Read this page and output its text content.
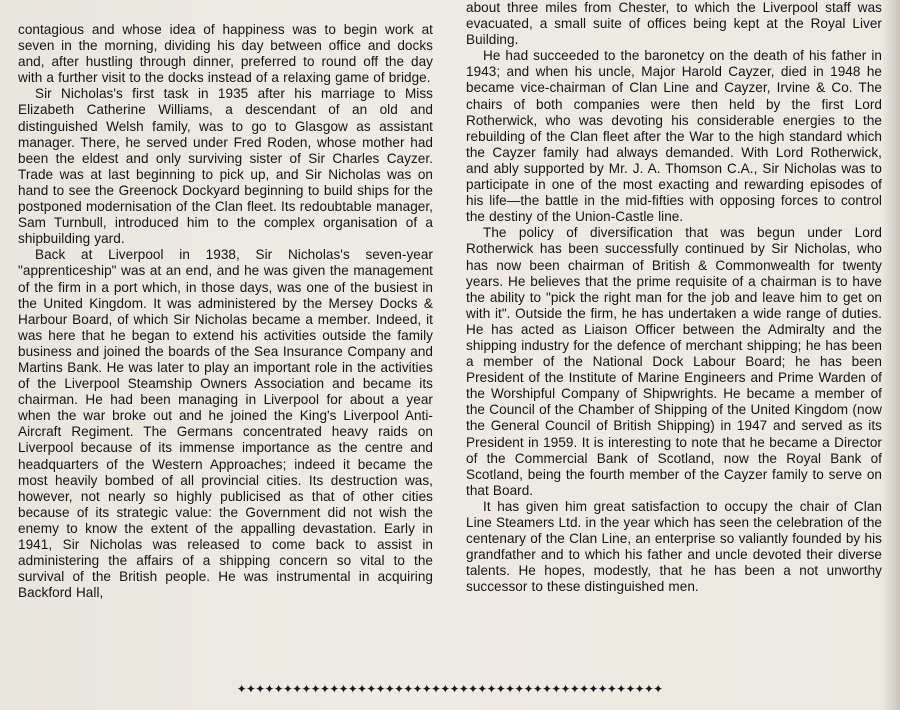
contagious and whose idea of happiness was to begin work at seven in the morning, dividing his day between office and docks and, after hustling through dinner, preferred to round off the day with a further visit to the docks instead of a relaxing game of bridge.

Sir Nicholas's first task in 1935 after his marriage to Miss Elizabeth Catherine Williams, a descendant of an old and distinguished Welsh family, was to go to Glasgow as assistant manager. There, he served under Fred Roden, whose mother had been the eldest and only surviving sister of Sir Charles Cayzer. Trade was at last beginning to pick up, and Sir Nicholas was on hand to see the Greenock Dockyard beginning to build ships for the postponed modernisation of the Clan fleet. Its redoubtable manager, Sam Turnbull, introduced him to the complex organisation of a shipbuilding yard.

Back at Liverpool in 1938, Sir Nicholas's seven-year "apprenticeship" was at an end, and he was given the management of the firm in a port which, in those days, was one of the busiest in the United Kingdom. It was administered by the Mersey Docks & Harbour Board, of which Sir Nicholas became a member. Indeed, it was here that he began to extend his activities outside the family business and joined the boards of the Sea Insurance Company and Martins Bank. He was later to play an important role in the activities of the Liverpool Steamship Owners Association and became its chairman. He had been managing in Liverpool for about a year when the war broke out and he joined the King's Liverpool Anti-Aircraft Regiment. The Germans concentrated heavy raids on Liverpool because of its immense importance as the centre and headquarters of the Western Approaches; indeed it became the most heavily bombed of all provincial cities. Its destruction was, however, not nearly so highly publicised as that of other cities because of its strategic value: the Government did not wish the enemy to know the extent of the appalling devastation. Early in 1941, Sir Nicholas was released to come back to assist in administering the affairs of a shipping concern so vital to the survival of the British people. He was instrumental in acquiring Backford Hall,

about three miles from Chester, to which the Liverpool staff was evacuated, a small suite of offices being kept at the Royal Liver Building.

He had succeeded to the baronetcy on the death of his father in 1943; and when his uncle, Major Harold Cayzer, died in 1948 he became vice-chairman of Clan Line and Cayzer, Irvine & Co. The chairs of both companies were then held by the first Lord Rotherwick, who was devoting his considerable energies to the rebuilding of the Clan fleet after the War to the high standard which the Cayzer family had always demanded. With Lord Rotherwick, and ably supported by Mr. J. A. Thomson C.A., Sir Nicholas was to participate in one of the most exacting and rewarding episodes of his life—the battle in the mid-fifties with opposing forces to control the destiny of the Union-Castle line.

The policy of diversification that was begun under Lord Rotherwick has been successfully continued by Sir Nicholas, who has now been chairman of British & Commonwealth for twenty years. He believes that the prime requisite of a chairman is to have the ability to "pick the right man for the job and leave him to get on with it". Outside the firm, he has undertaken a wide range of duties. He has acted as Liaison Officer between the Admiralty and the shipping industry for the defence of merchant shipping; he has been a member of the National Dock Labour Board; he has been President of the Institute of Marine Engineers and Prime Warden of the Worshipful Company of Shipwrights. He became a member of the Council of the Chamber of Shipping of the United Kingdom (now the General Council of British Shipping) in 1947 and served as its President in 1959. It is interesting to note that he became a Director of the Commercial Bank of Scotland, now the Royal Bank of Scotland, being the fourth member of the Cayzer family to serve on that Board.

It has given him great satisfaction to occupy the chair of Clan Line Steamers Ltd. in the year which has seen the celebration of the centenary of the Clan Line, an enterprise so valiantly founded by his grandfather and to which his father and uncle devoted their diverse talents. He hopes, modestly, that he has been a not unworthy successor to these distinguished men.

✦✦✦✦✦✦✦✦✦✦✦✦✦✦✦✦✦✦✦✦✦✦✦✦✦✦✦✦✦✦✦✦✦✦✦✦✦✦✦✦✦✦✦✦✦✦
